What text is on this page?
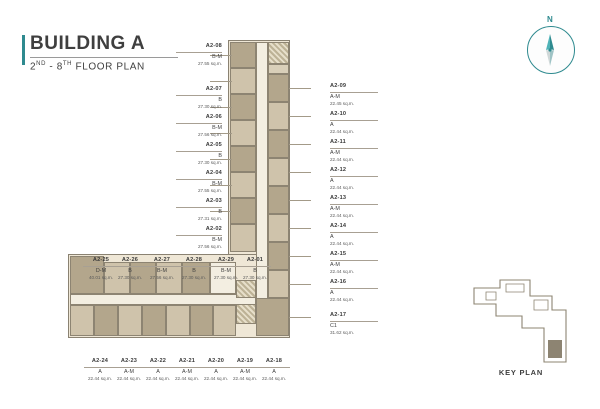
BUILDING A
2ND - 8TH FLOOR PLAN
N
A2-08
B-M
27.55 sq.m.
A2-07
B
27.30 sq.m.
A2-06
B-M
27.56 sq.m.
A2-05
B
27.30 sq.m.
A2-04
B-M
27.55 sq.m.
A2-03
B
27.31 sq.m.
A2-02
B-M
27.56 sq.m.
A2-09
A-M
22.45 sq.m.
A2-10
A
22.44 sq.m.
A2-11
A-M
22.44 sq.m.
A2-12
A
22.44 sq.m.
A2-13
A-M
22.44 sq.m.
A2-14
A
22.44 sq.m.
A2-15
A-M
22.44 sq.m.
A2-16
A
22.44 sq.m.
A2-17
C1
31.62 sq.m.
A2-25
D-M
40.01 sq.m.
A2-26
B
27.30 sq.m.
A2-27
B-M
27.56 sq.m.
A2-28
B
27.30 sq.m.
A2-29
B-M
27.30 sq.m.
A2-01
B
27.30 sq.m.
A2-24
A
22.44 sq.m.
A2-23
A-M
22.44 sq.m.
A2-22
A
22.44 sq.m.
A2-21
A-M
22.44 sq.m.
A2-20
A
22.44 sq.m.
A2-19
A-M
22.44 sq.m.
A2-18
A
22.44 sq.m.
KEY PLAN
